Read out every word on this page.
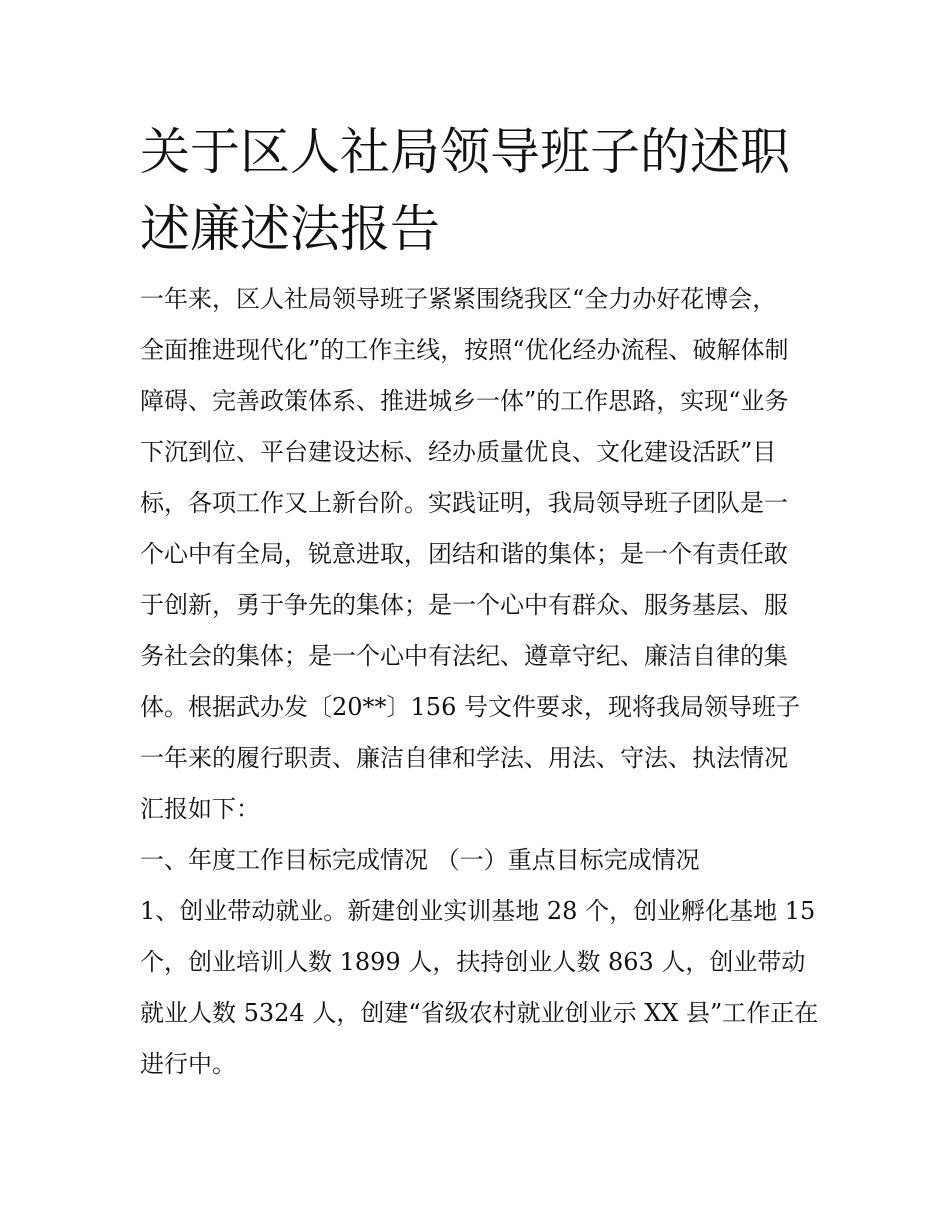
关于区人社局领导班子的述职
述廉述法报告
一年来，区人社局领导班子紧紧围绕我区“全力办好花博会，
全面推进现代化”的工作主线，按照“优化经办流程、破解体制
障碍、完善政策体系、推进城乡一体”的工作思路，实现“业务
下沉到位、平台建设达标、经办质量优良、文化建设活跃”目
标，各项工作又上新台阶。实践证明，我局领导班子团队是一
个心中有全局，锐意进取，团结和谐的集体；是一个有责任敢
于创新，勇于争先的集体；是一个心中有群众、服务基层、服
务社会的集体；是一个心中有法纪、遵章守纪、廉洁自律的集
体。根据武办发〔20**〕156 号文件要求，现将我局领导班子
一年来的履行职责、廉洁自律和学法、用法、守法、执法情况
汇报如下：
一、年度工作目标完成情况 （一）重点目标完成情况
1、创业带动就业。新建创业实训基地 28 个，创业孵化基地 15
个，创业培训人数 1899 人，扶持创业人数 863 人，创业带动
就业人数 5324 人，创建“省级农村就业创业示 XX 县”工作正在
进行中。
